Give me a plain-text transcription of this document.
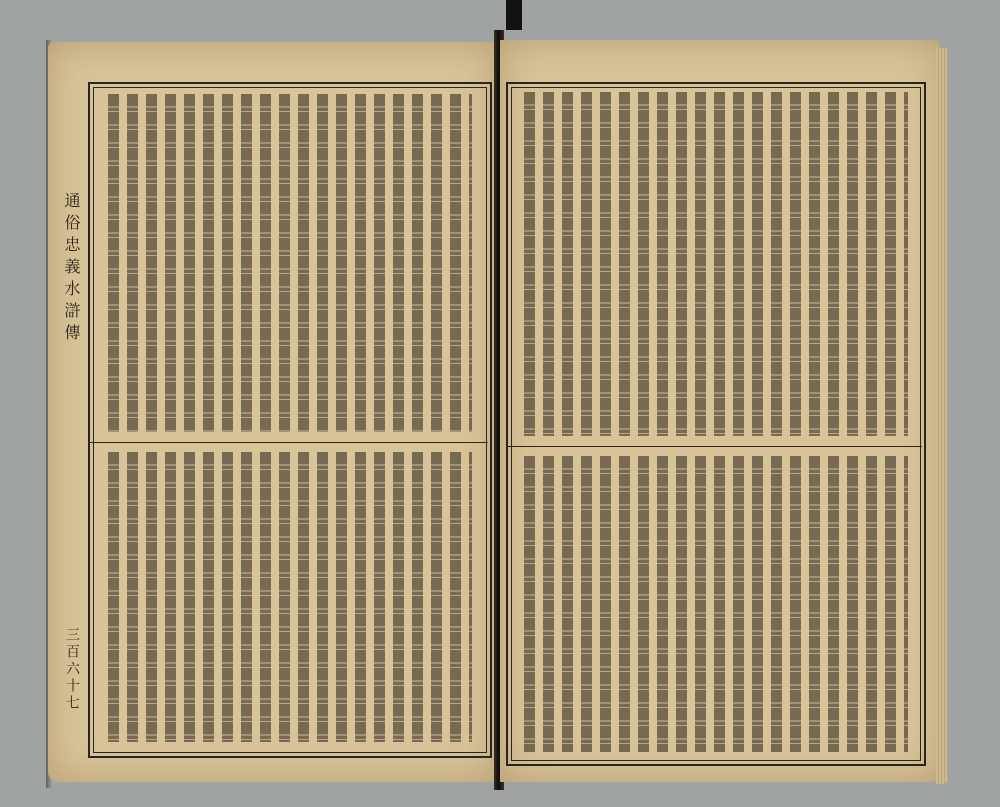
通俗忠義水滸傳
三百六十七
